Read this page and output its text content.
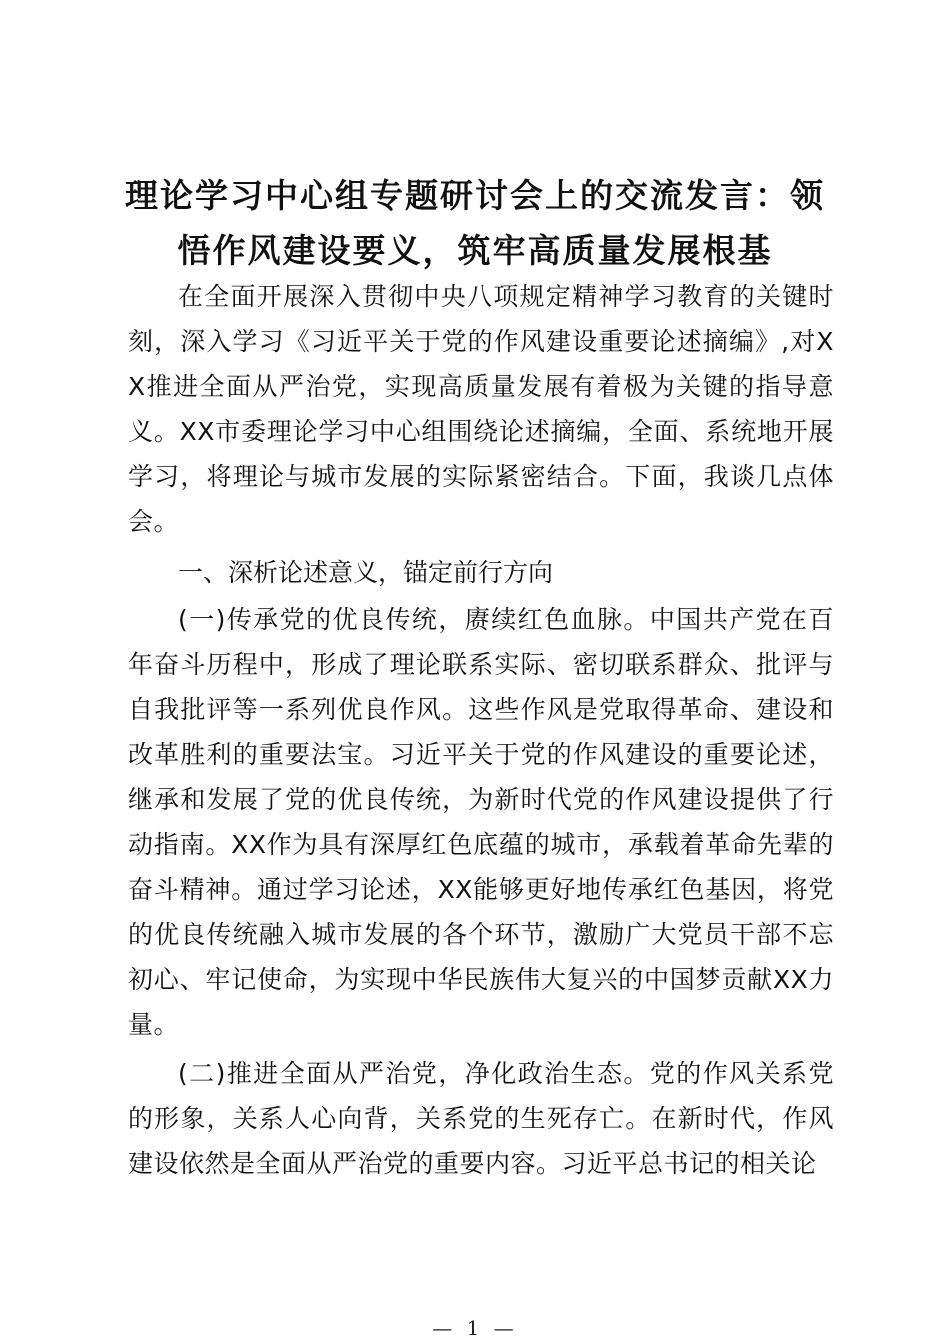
理论学习中心组专题研讨会上的交流发言：领
悟作风建设要义，筑牢高质量发展根基

在全面开展深入贯彻中央八项规定精神学习教育的关键时刻，深入学习《习近平关于党的作风建设重要论述摘编》,对XX推进全面从严治党，实现高质量发展有着极为关键的指导意义。XX市委理论学习中心组围绕论述摘编，全面、系统地开展学习，将理论与城市发展的实际紧密结合。下面，我谈几点体会。

一、深析论述意义，锚定前行方向

(一)传承党的优良传统，赓续红色血脉。中国共产党在百年奋斗历程中，形成了理论联系实际、密切联系群众、批评与自我批评等一系列优良作风。这些作风是党取得革命、建设和改革胜利的重要法宝。习近平关于党的作风建设的重要论述，继承和发展了党的优良传统，为新时代党的作风建设提供了行动指南。XX作为具有深厚红色底蕴的城市，承载着革命先辈的奋斗精神。通过学习论述，XX能够更好地传承红色基因，将党的优良传统融入城市发展的各个环节，激励广大党员干部不忘初心、牢记使命，为实现中华民族伟大复兴的中国梦贡献XX力量。

(二)推进全面从严治党，净化政治生态。党的作风关系党的形象，关系人心向背，关系党的生死存亡。在新时代，作风建设依然是全面从严治党的重要内容。习近平总书记的相关论

— 1 —
